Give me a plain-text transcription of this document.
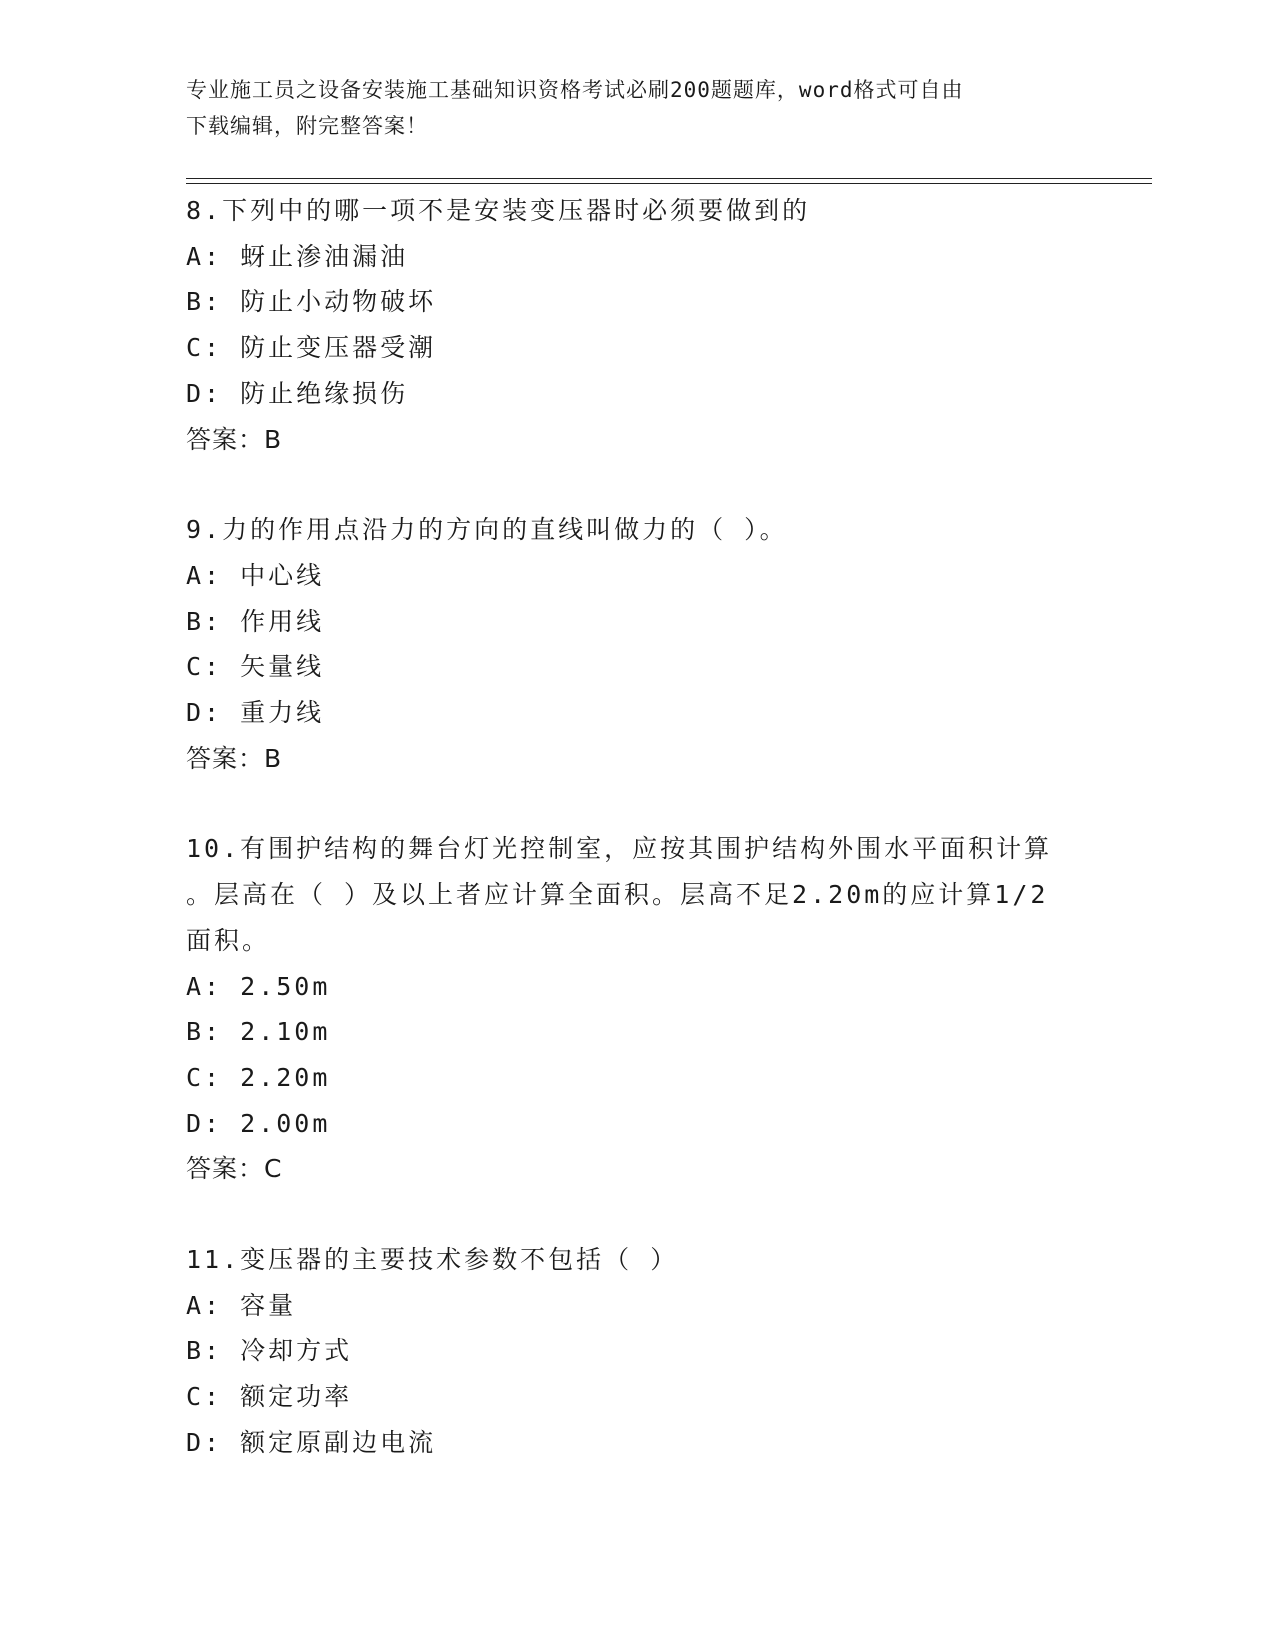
专业施工员之设备安装施工基础知识资格考试必刷200题题库，word格式可自由
下载编辑，附完整答案！
8.下列中的哪一项不是安装变压器时必须要做到的
A: 蚜止渗油漏油
B: 防止小动物破坏
C: 防止变压器受潮
D: 防止绝缘损伤
答案：B
9.力的作用点沿力的方向的直线叫做力的（ ）。
A: 中心线
B: 作用线
C: 矢量线
D: 重力线
答案：B
10.有围护结构的舞台灯光控制室，应按其围护结构外围水平面积计算
。层高在（ ）及以上者应计算全面积。层高不足2.20m的应计算1/2
面积。
A: 2.50m
B: 2.10m
C: 2.20m
D: 2.00m
答案：C
11.变压器的主要技术参数不包括（ ）
A: 容量
B: 冷却方式
C: 额定功率
D: 额定原副边电流
